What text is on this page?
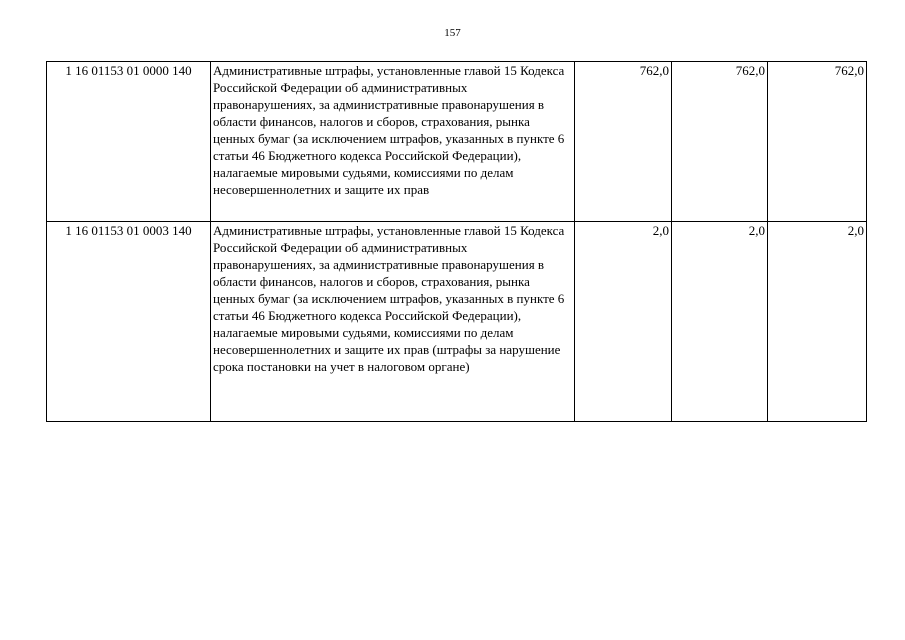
157
1 16 01153 01 0000 140	Административные штрафы, установленные главой 15 Кодекса Российской Федерации об административных правонарушениях, за административные правонарушения в области финансов, налогов и сборов, страхования, рынка ценных бумаг (за исключением штрафов, указанных в пункте 6 статьи 46 Бюджетного кодекса Российской Федерации), налагаемые мировыми судьями, комиссиями по делам несовершеннолетних и защите их прав	762,0	762,0	762,0
1 16 01153 01 0003 140	Административные штрафы, установленные главой 15 Кодекса Российской Федерации об административных правонарушениях, за административные правонарушения в области финансов, налогов и сборов, страхования, рынка ценных бумаг (за исключением штрафов, указанных в пункте 6 статьи 46 Бюджетного кодекса Российской Федерации), налагаемые мировыми судьями, комиссиями по делам несовершеннолетних и защите их прав (штрафы за нарушение срока постановки на учет в налоговом органе)	2,0	2,0	2,0
